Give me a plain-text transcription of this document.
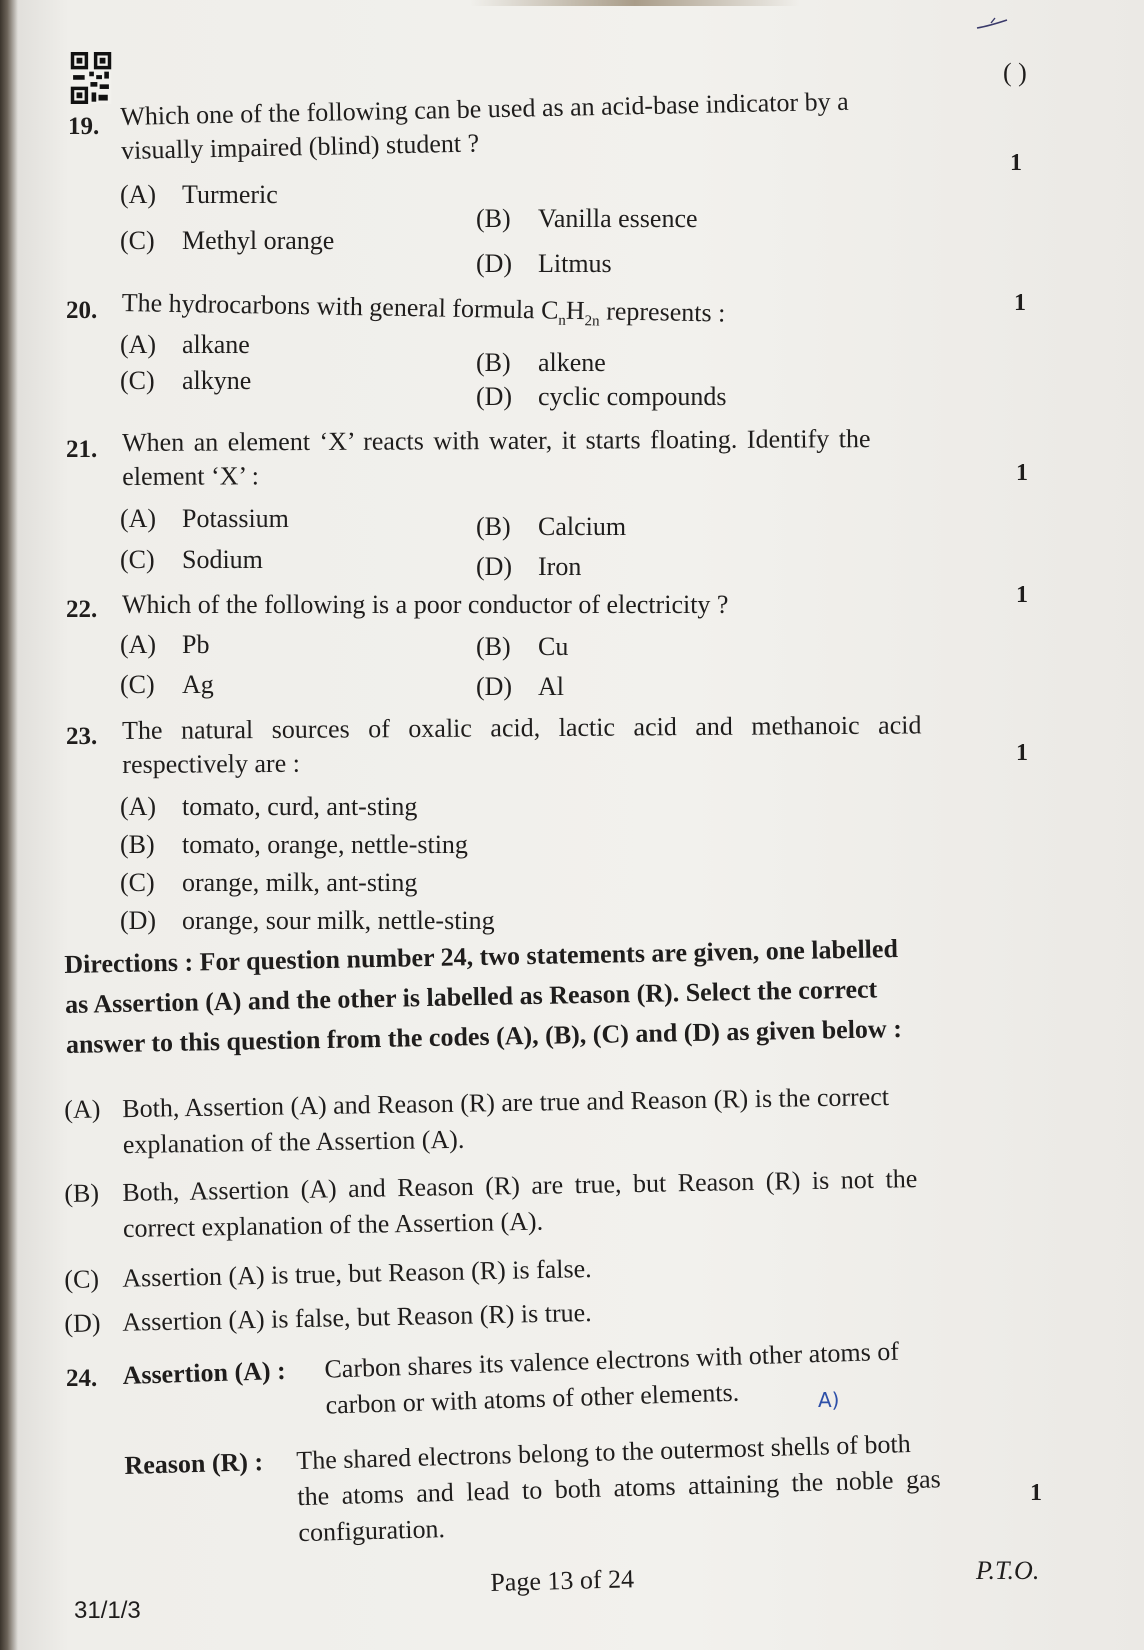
( )
19. Which one of the following can be used as an acid-base indicator by a
visually impaired (blind) student ?	1
(A) Turmeric
(B) Vanilla essence
(C) Methyl orange
(D) Litmus
20. The hydrocarbons with general formula $C_nH_{2n}$ represents :	1
(A) alkane
(B) alkene
(C) alkyne
(D) cyclic compounds
21. When an element ‘X’ reacts with water, it starts floating. Identify the
element ‘X’ :	1
(A) Potassium	(B) Calcium
(C) Sodium	(D) Iron
22. Which of the following is a poor conductor of electricity ?	1
(A) Pb	(B) Cu
(C) Ag	(D) Al
23. The natural sources of oxalic acid, lactic acid and methanoic acid
respectively are :	1
(A) tomato, curd, ant-sting
(B) tomato, orange, nettle-sting
(C) orange, milk, ant-sting
(D) orange, sour milk, nettle-sting
Directions : For question number 24, two statements are given, one labelled
as Assertion (A) and the other is labelled as Reason (R). Select the correct
answer to this question from the codes (A), (B), (C) and (D) as given below :
(A) Both, Assertion (A) and Reason (R) are true and Reason (R) is the correct
explanation of the Assertion (A).
(B) Both, Assertion (A) and Reason (R) are true, but Reason (R) is not the
correct explanation of the Assertion (A).
(C) Assertion (A) is true, but Reason (R) is false.
(D) Assertion (A) is false, but Reason (R) is true.
24. Assertion (A) : Carbon shares its valence electrons with other atoms of
carbon or with atoms of other elements.	A)
Reason (R) : The shared electrons belong to the outermost shells of both
the atoms and lead to both atoms attaining the noble gas
configuration.
1
P.T.O.
Page 13 of 24
31/1/3
